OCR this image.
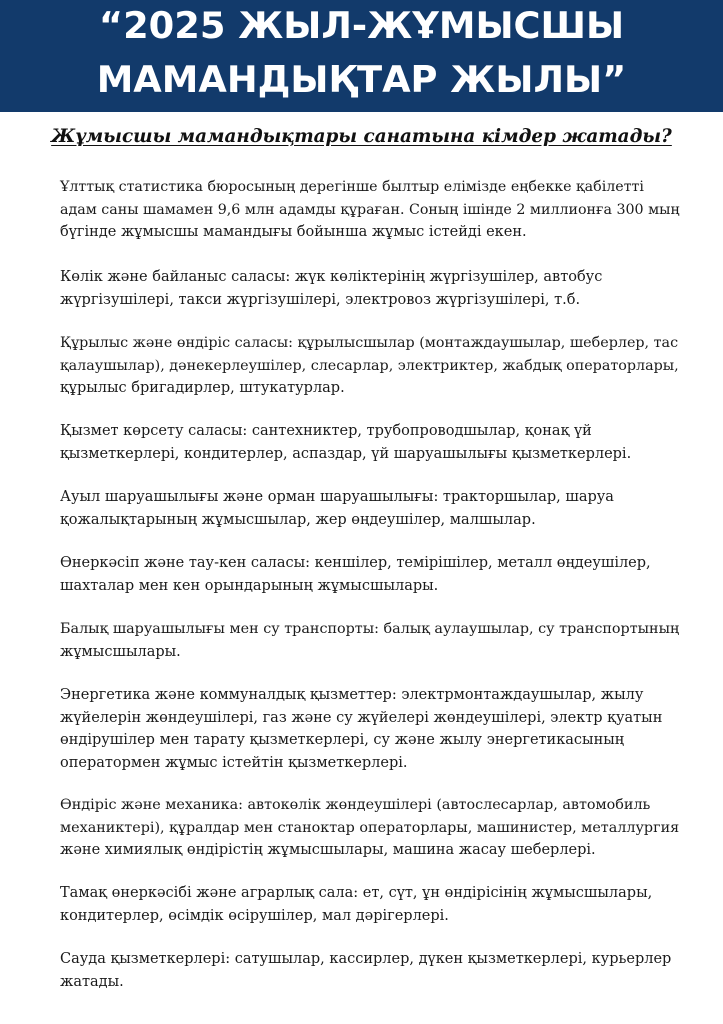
“2025 ЖЫЛ-ЖҰМЫСШЫ
МАМАНДЫҚТАР ЖЫЛЫ”
Жұмысшы мамандықтары санатына кімдер жатады?
Ұлттық статистика бюросының дерегінше былтыр елімізде еңбекке қабілетті
адам саны шамамен 9,6 млн адамды құраған. Соның ішінде 2 миллионға 300 мың
бүгінде жұмысшы мамандығы бойынша жұмыс істейді екен.
Көлік және байланыс саласы: жүк көліктерінің жүргізушілер, автобус
жүргізушілері, такси жүргізушілері, электровоз жүргізушілері, т.б.
Құрылыс және өндіріс саласы: құрылысшылар (монтаждаушылар, шеберлер, тас
қалаушылар), дәнекерлеушілер, слесарлар, электриктер, жабдық операторлары,
құрылыс бригадирлер, штукатурлар.
Қызмет көрсету саласы: сантехниктер, трубопроводшылар, қонақ үй
қызметкерлері, кондитерлер, аспаздар, үй шаруашылығы қызметкерлері.
Ауыл шаруашылығы және орман шаруашылығы: тракторшылар, шаруа
қожалықтарының жұмысшылар, жер өңдеушілер, малшылар.
Өнеркәсіп және тау-кен саласы: кеншілер, темірішілер, металл өңдеушілер,
шахталар мен кен орындарының жұмысшылары.
Балық шаруашылығы мен су транспорты: балық аулаушылар, су транспортының
жұмысшылары.
Энергетика және коммуналдық қызметтер: электрмонтаждаушылар, жылу
жүйелерін жөндеушілері, газ және су жүйелері жөндеушілері, электр қуатын
өндірушілер мен тарату қызметкерлері, су және жылу энергетикасының
оператормен жұмыс істейтін қызметкерлері.
Өндіріс және механика: автокөлік жөндеушілері (автослесарлар, автомобиль
механиктері), құралдар мен станоктар операторлары, машинистер, металлургия
және химиялық өндірістің жұмысшылары, машина жасау шеберлері.
Тамақ өнеркәсібі және аграрлық сала: ет, сүт, ұн өндірісінің жұмысшылары,
кондитерлер, өсімдік өсірушілер, мал дәрігерлері.
Сауда қызметкерлері: сатушылар, кассирлер, дүкен қызметкерлері, курьерлер
жатады.
